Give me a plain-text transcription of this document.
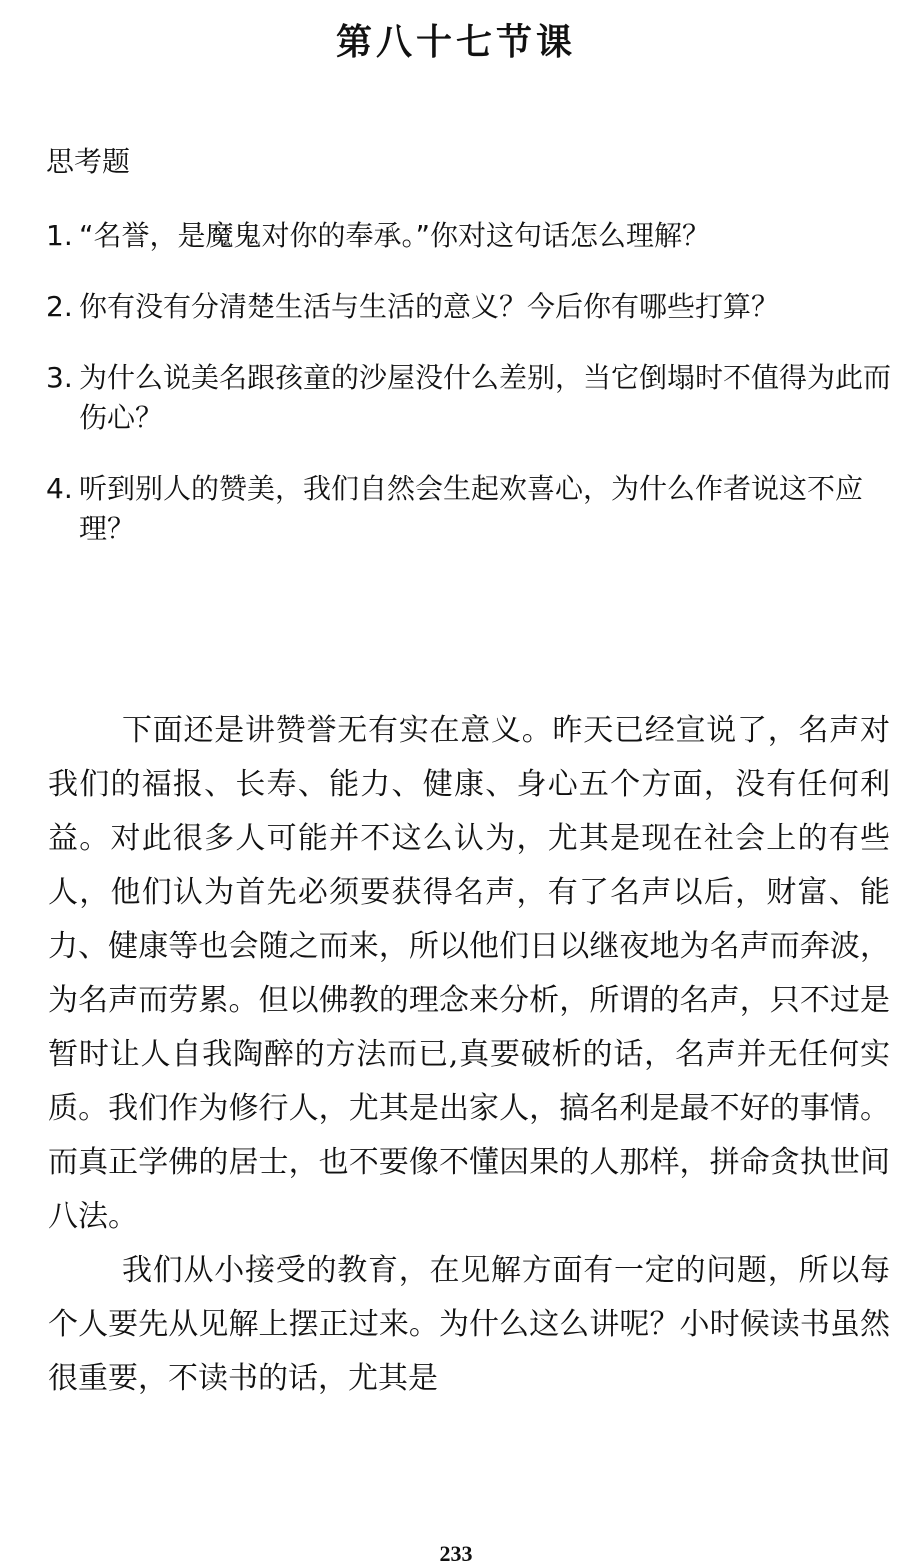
第八十七节课
思考题
1. “名誉，是魔鬼对你的奉承。”你对这句话怎么理解？
2. 你有没有分清楚生活与生活的意义？今后你有哪些打算？
3. 为什么说美名跟孩童的沙屋没什么差别，当它倒塌时不值得为此而伤心？
4. 听到别人的赞美，我们自然会生起欢喜心，为什么作者说这不应理？

下面还是讲赞誉无有实在意义。昨天已经宣说了，名声对我们的福报、长寿、能力、健康、身心五个方面，没有任何利益。对此很多人可能并不这么认为，尤其是现在社会上的有些人，他们认为首先必须要获得名声，有了名声以后，财富、能力、健康等也会随之而来，所以他们日以继夜地为名声而奔波，为名声而劳累。但以佛教的理念来分析，所谓的名声，只不过是暂时让人自我陶醉的方法而已,真要破析的话，名声并无任何实质。我们作为修行人，尤其是出家人，搞名利是最不好的事情。而真正学佛的居士，也不要像不懂因果的人那样，拼命贪执世间八法。

我们从小接受的教育，在见解方面有一定的问题，所以每个人要先从见解上摆正过来。为什么这么讲呢？小时候读书虽然很重要，不读书的话，尤其是

233
